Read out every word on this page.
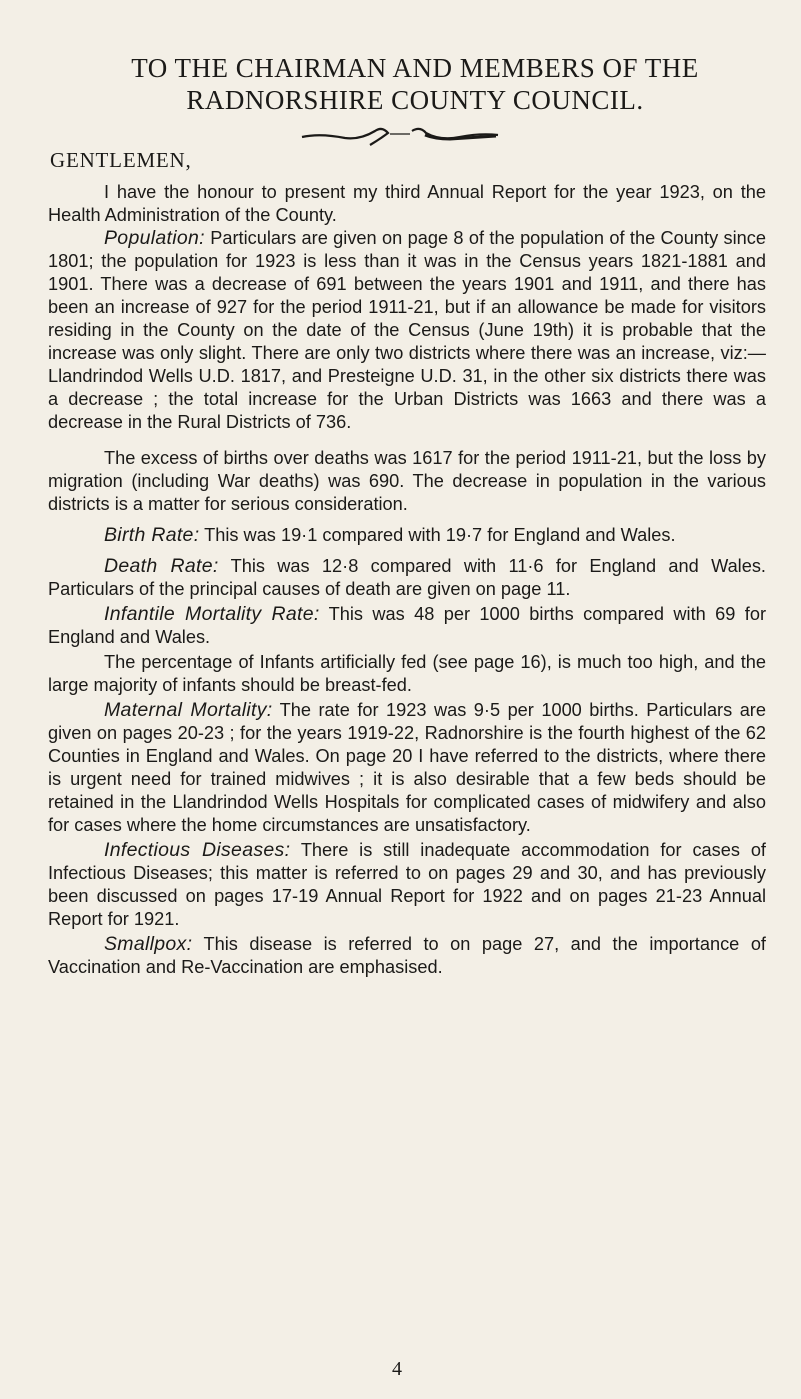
TO THE CHAIRMAN AND MEMBERS OF THE
RADNORSHIRE COUNTY COUNCIL.
GENTLEMEN,

I have the honour to present my third Annual Report for the year 1923, on the Health Administration of the County.

Population: Particulars are given on page 8 of the population of the County since 1801; the population for 1923 is less than it was in the Census years 1821-1881 and 1901. There was a decrease of 691 between the years 1901 and 1911, and there has been an increase of 927 for the period 1911-21, but if an allowance be made for visitors residing in the County on the date of the Census (June 19th) it is probable that the increase was only slight. There are only two districts where there was an increase, viz:—Llandrindod Wells U.D. 1817, and Presteigne U.D. 31, in the other six districts there was a decrease ; the total increase for the Urban Districts was 1663 and there was a decrease in the Rural Districts of 736.

The excess of births over deaths was 1617 for the period 1911-21, but the loss by migration (including War deaths) was 690. The decrease in population in the various districts is a matter for serious consideration.

Birth Rate: This was 19·1 compared with 19·7 for England and Wales.

Death Rate: This was 12·8 compared with 11·6 for England and Wales. Particulars of the principal causes of death are given on page 11.

Infantile Mortality Rate: This was 48 per 1000 births compared with 69 for England and Wales.

The percentage of Infants artificially fed (see page 16), is much too high, and the large majority of infants should be breast-fed.

Maternal Mortality: The rate for 1923 was 9·5 per 1000 births. Particulars are given on pages 20-23 ; for the years 1919-22, Radnorshire is the fourth highest of the 62 Counties in England and Wales. On page 20 I have referred to the districts, where there is urgent need for trained midwives ; it is also desirable that a few beds should be retained in the Llandrindod Wells Hospitals for complicated cases of midwifery and also for cases where the home circumstances are unsatisfactory.

Infectious Diseases: There is still inadequate accommodation for cases of Infectious Diseases; this matter is referred to on pages 29 and 30, and has previously been discussed on pages 17-19 Annual Report for 1922 and on pages 21-23 Annual Report for 1921.

Smallpox: This disease is referred to on page 27, and the importance of Vaccination and Re-Vaccination are emphasised.

4
